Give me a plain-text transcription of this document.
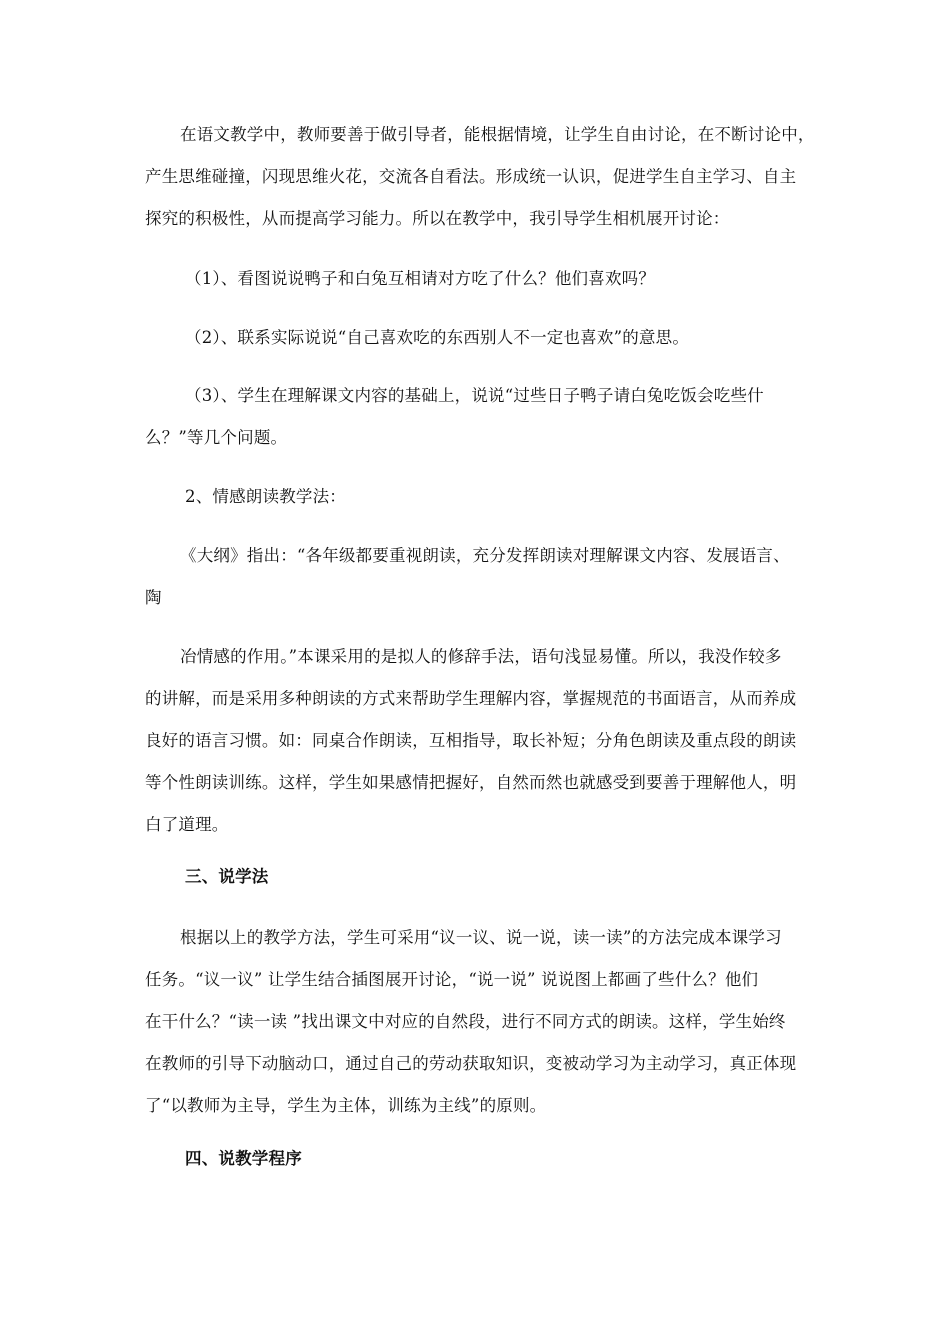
在语文教学中，教师要善于做引导者，能根据情境，让学生自由讨论，在不断讨论中，
产生思维碰撞，闪现思维火花，交流各自看法。形成统一认识，促进学生自主学习、自主
探究的积极性，从而提高学习能力。所以在教学中，我引导学生相机展开讨论：
（1）、看图说说鸭子和白兔互相请对方吃了什么？他们喜欢吗？
（2）、联系实际说说“自己喜欢吃的东西别人不一定也喜欢”的意思。
（3）、学生在理解课文内容的基础上，说说“过些日子鸭子请白兔吃饭会吃些什
么？”等几个问题。
2、情感朗读教学法：
《大纲》指出：“各年级都要重视朗读，充分发挥朗读对理解课文内容、发展语言、
陶
冶情感的作用。”本课采用的是拟人的修辞手法，语句浅显易懂。所以，我没作较多
的讲解，而是采用多种朗读的方式来帮助学生理解内容，掌握规范的书面语言，从而养成
良好的语言习惯。如：同桌合作朗读，互相指导，取长补短；分角色朗读及重点段的朗读
等个性朗读训练。这样，学生如果感情把握好，自然而然也就感受到要善于理解他人，明
白了道理。
三、说学法
根据以上的教学方法，学生可采用“议一议、说一说，读一读”的方法完成本课学习
任务。“议一议” 让学生结合插图展开讨论，“说一说” 说说图上都画了些什么？他们
在干什么？“读一读 ”找出课文中对应的自然段，进行不同方式的朗读。这样，学生始终
在教师的引导下动脑动口，通过自己的劳动获取知识，变被动学习为主动学习，真正体现
了“以教师为主导，学生为主体，训练为主线”的原则。
四、说教学程序
